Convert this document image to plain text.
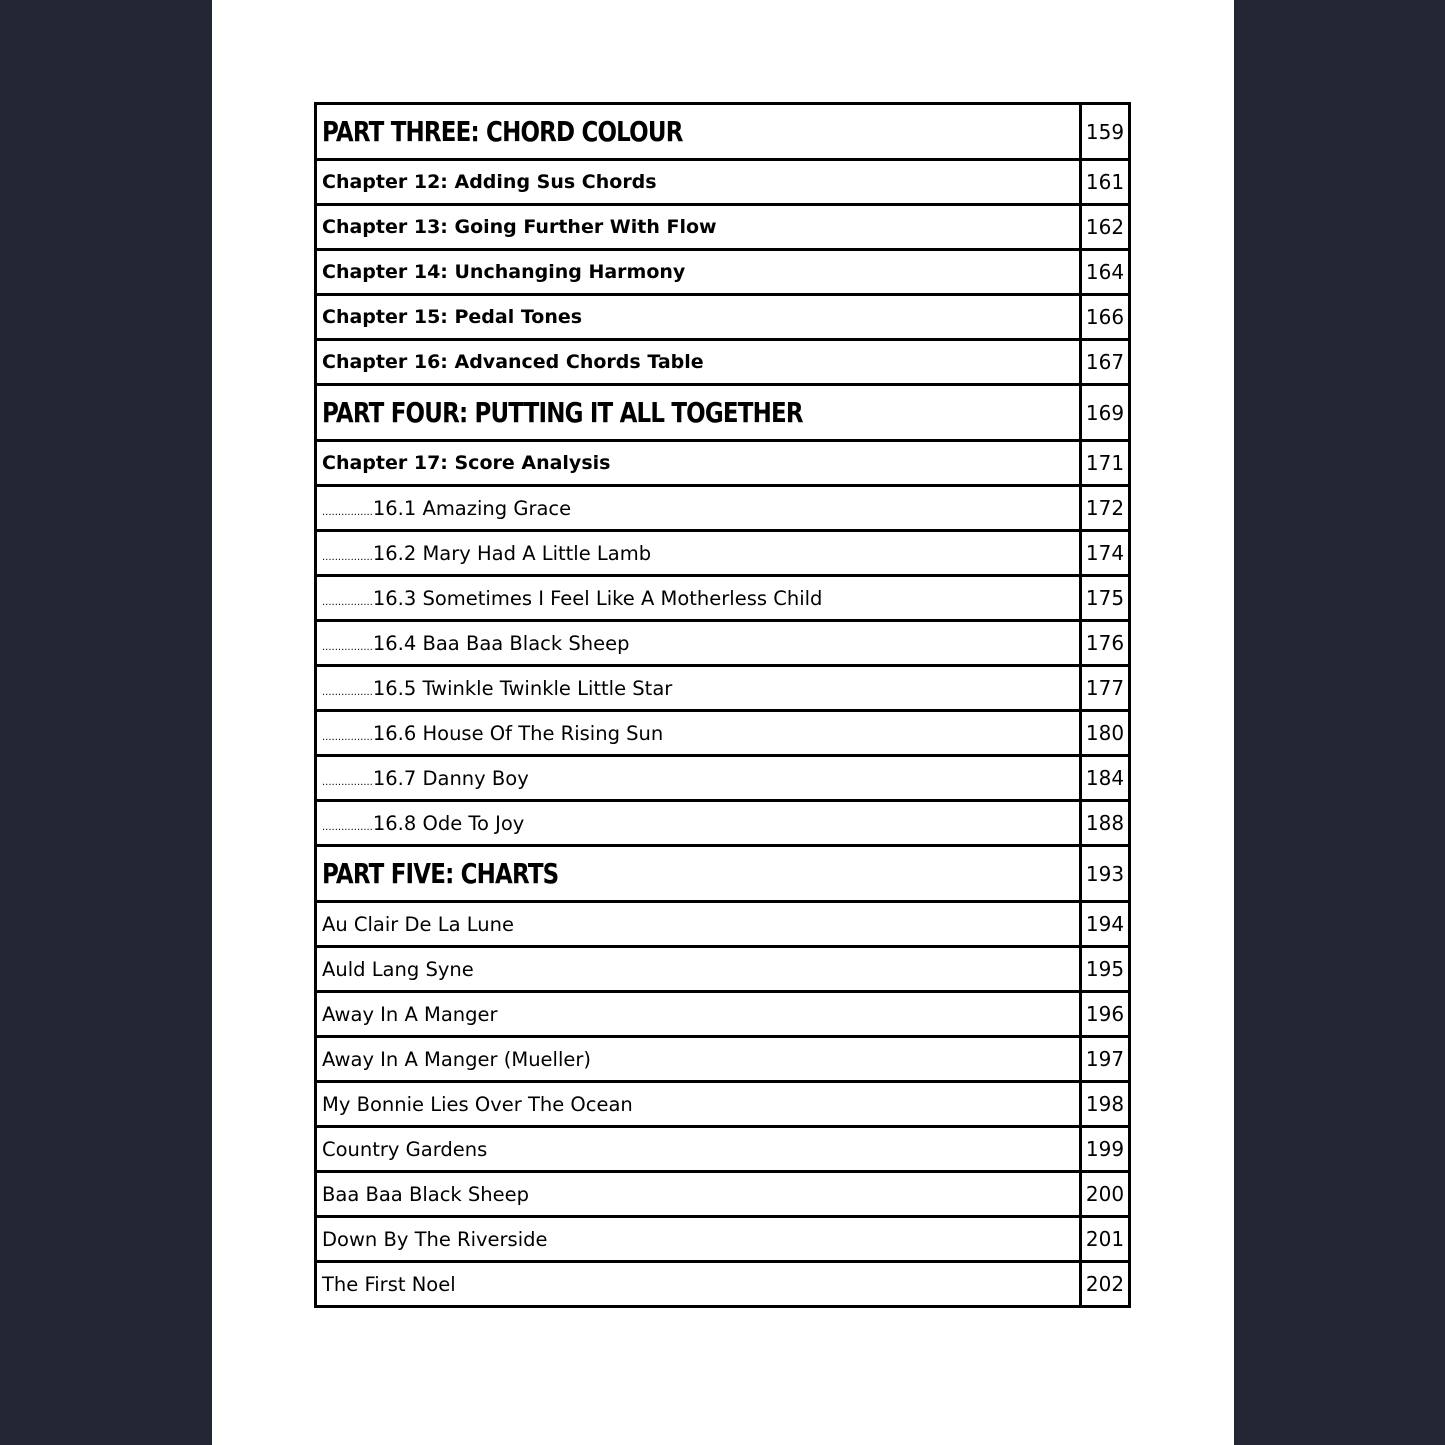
PART THREE: CHORD COLOUR	159
Chapter 12: Adding Sus Chords	161
Chapter 13: Going Further With Flow	162
Chapter 14: Unchanging Harmony	164
Chapter 15: Pedal Tones	166
Chapter 16: Advanced Chords Table	167
PART FOUR: PUTTING IT ALL TOGETHER	169
Chapter 17: Score Analysis	171
................16.1 Amazing Grace	172
................16.2 Mary Had A Little Lamb	174
................16.3 Sometimes I Feel Like A Motherless Child	175
................16.4 Baa Baa Black Sheep	176
................16.5 Twinkle Twinkle Little Star	177
................16.6 House Of The Rising Sun	180
................16.7 Danny Boy	184
................16.8 Ode To Joy	188
PART FIVE: CHARTS	193
Au Clair De La Lune	194
Auld Lang Syne	195
Away In A Manger	196
Away In A Manger (Mueller)	197
My Bonnie Lies Over The Ocean	198
Country Gardens	199
Baa Baa Black Sheep	200
Down By The Riverside	201
The First Noel	202
